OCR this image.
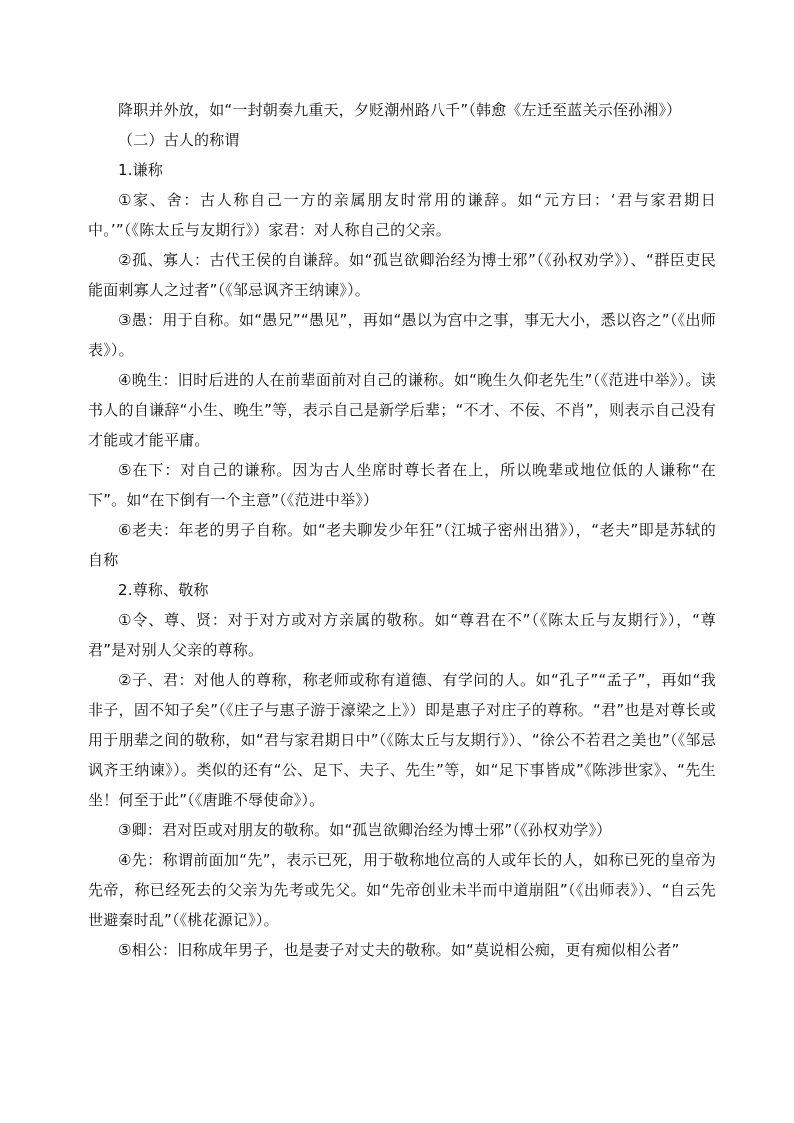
降职并外放，如“一封朝奏九重天，夕贬潮州路八千”（韩愈《左迁至蓝关示侄孙湘》）

（二）古人的称谓

1.谦称

①家、舍：古人称自己一方的亲属朋友时常用的谦辞。如“元方曰：‘君与家君期日中。’”（《陈太丘与友期行》）家君：对人称自己的父亲。

②孤、寡人：古代王侯的自谦辞。如“孤岂欲卿治经为博士邪”（《孙权劝学》）、“群臣吏民能面刺寡人之过者”（《邹忌讽齐王纳谏》）。

③愚：用于自称。如“愚兄”“愚见”，再如“愚以为宫中之事，事无大小，悉以咨之”（《出师表》）。

④晚生：旧时后进的人在前辈面前对自己的谦称。如“晚生久仰老先生”（《范进中举》）。读书人的自谦辞“小生、晚生”等，表示自己是新学后辈；“不才、不佞、不肖”，则表示自己没有才能或才能平庸。

⑤在下：对自己的谦称。因为古人坐席时尊长者在上，所以晚辈或地位低的人谦称“在下”。如“在下倒有一个主意”（《范进中举》）

⑥老夫：年老的男子自称。如“老夫聊发少年狂”（江城子密州出猎》），“老夫”即是苏轼的自称

2.尊称、敬称

①令、尊、贤：对于对方或对方亲属的敬称。如“尊君在不”（《陈太丘与友期行》），“尊君”是对别人父亲的尊称。

②子、君：对他人的尊称，称老师或称有道德、有学问的人。如“孔子”“孟子”，再如“我非子，固不知子矣”（《庄子与惠子游于濠梁之上》）即是惠子对庄子的尊称。“君”也是对尊长或用于朋辈之间的敬称，如“君与家君期日中”（《陈太丘与友期行》）、“徐公不若君之美也”（《邹忌讽齐王纳谏》）。类似的还有“公、足下、夫子、先生”等，如“足下事皆成”《陈涉世家》、“先生坐！何至于此”（《唐雎不辱使命》）。

③卿：君对臣或对朋友的敬称。如“孤岂欲卿治经为博士邪”（《孙权劝学》）

④先：称谓前面加“先”，表示已死，用于敬称地位高的人或年长的人，如称已死的皇帝为先帝，称已经死去的父亲为先考或先父。如“先帝创业未半而中道崩阻”（《出师表》）、“自云先世避秦时乱”（《桃花源记》）。

⑤相公：旧称成年男子，也是妻子对丈夫的敬称。如“莫说相公痴，更有痴似相公者”
